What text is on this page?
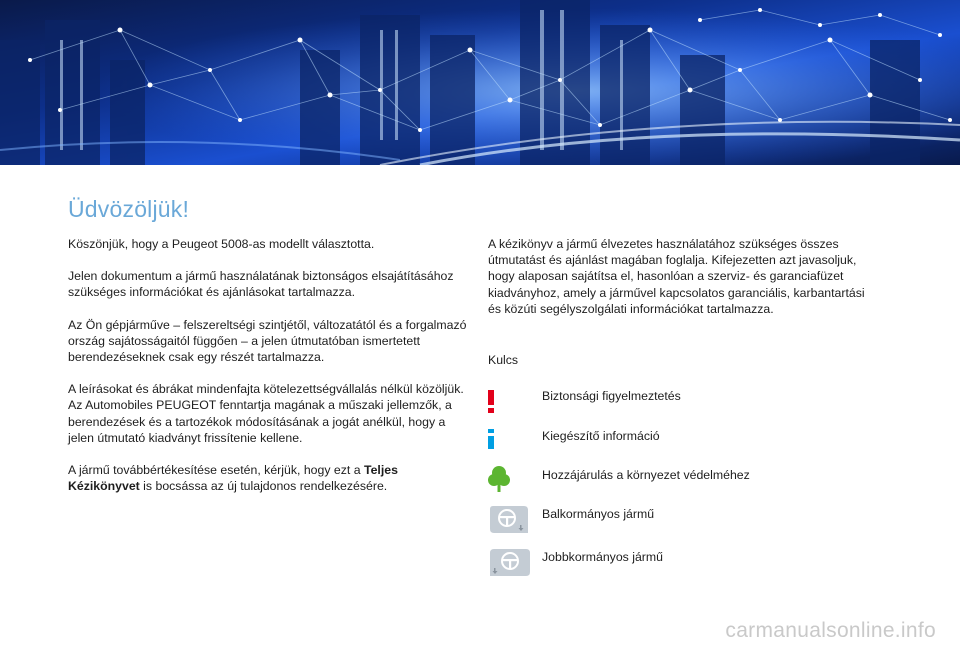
Üdvözöljük!

Köszönjük, hogy a Peugeot 5008-as modellt választotta.

Jelen dokumentum a jármű használatának biztonságos elsajátításához szükséges információkat és ajánlásokat tartalmazza.

Az Ön gépjárműve – felszereltségi szintjétől, változatától és a forgalmazó ország sajátosságaitól függően – a jelen útmutatóban ismertetett berendezéseknek csak egy részét tartalmazza.

A leírásokat és ábrákat mindenfajta kötelezettségvállalás nélkül közöljük.

Az Automobiles PEUGEOT fenntartja magának a műszaki jellemzők, a berendezések és a tartozékok módosításának a jogát anélkül, hogy a jelen útmutató kiadványt frissítenie kellene.

A jármű továbbértékesítése esetén, kérjük, hogy ezt a Teljes Kézikönyvet is bocsássa az új tulajdonos rendelkezésére.

A kézikönyv a jármű élvezetes használatához szükséges összes útmutatást és ajánlást magában foglalja. Kifejezetten azt javasoljuk, hogy alaposan sajátítsa el, hasonlóan a szerviz- és garanciafüzet kiadványhoz, amely a járművel kapcsolatos garanciális, karbantartási és közúti segélyszolgálati információkat tartalmazza.

Kulcs
Biztonsági figyelmeztetés
Kiegészítő információ
Hozzájárulás a környezet védelméhez
Balkormányos jármű
Jobbkormányos jármű
carmanualsonline.info
